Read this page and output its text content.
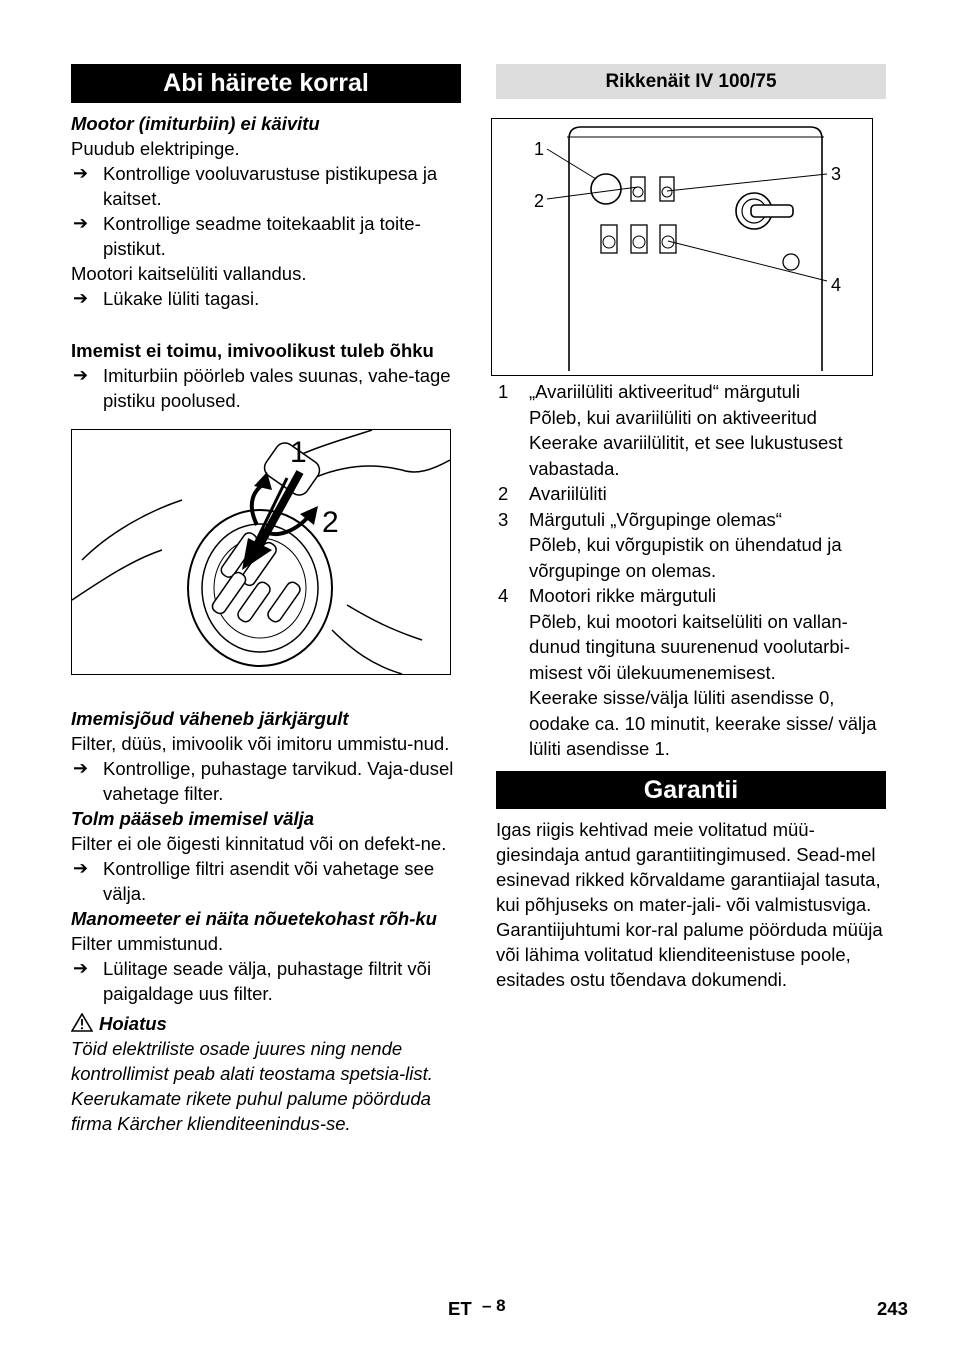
Abi häirete korral

Mootor (imiturbiin) ei käivitu

Puudub elektripinge.

➔ Kontrollige vooluvarustuse pistikupesa ja kaitset.
➔ Kontrollige seadme toitekaablit ja toite-pistikut.

Mootori kaitselüliti vallandus.

➔ Lükake lüliti tagasi.

Imemist ei toimu, imivoolikust tuleb õhku

➔ Imiturbiin pöörleb vales suunas, vahe-tage pistiku poolused.
1
2

Imemisjõud väheneb järkjärgult

Filter, düüs, imivoolik või imitoru ummistu-nud.

➔ Kontrollige, puhastage tarvikud. Vaja-dusel vahetage filter.

Tolm pääseb imemisel välja

Filter ei ole õigesti kinnitatud või on defekt-ne.

➔ Kontrollige filtri asendit või vahetage see välja.

Manomeeter ei näita nõuetekohast rõh-ku

Filter ummistunud.

➔ Lülitage seade välja, puhastage filtrit või paigaldage uus filter.

Hoiatus

Töid elektriliste osade juures ning nende kontrollimist peab alati teostama spetsia-list. Keerukamate rikete puhul palume pöörduda firma Kärcher klienditeenindus-se.

Rikkenäit IV 100/75
1
2
3
4
1 „Avariilüliti aktiveeritud“ märgutuli
Põleb, kui avariilüliti on aktiveeritud
Keerake avariilülitit, et see lukustusest vabastada.
2 Avariilüliti
3 Märgutuli „Võrgupinge olemas“
Põleb, kui võrgupistik on ühendatud ja võrgupinge on olemas.
4 Mootori rikke märgutuli
Põleb, kui mootori kaitselüliti on vallan-dunud tingituna suurenenud voolutarbi-misest või ülekuumenemisest.
Keerake sisse/välja lüliti asendisse 0, oodake ca. 10 minutit, keerake sisse/ välja lüliti asendisse 1.
Garantii

Igas riigis kehtivad meie volitatud müü-giesindaja antud garantiitingimused. Sead-mel esinevad rikked kõrvaldame garantiiajal tasuta, kui põhjuseks on mater-jali- või valmistusviga. Garantiijuhtumi kor-ral palume pöörduda müüja või lähima volitatud klienditeenistuse poole, esitades ostu tõendava dokumendi.

ET – 8	243
